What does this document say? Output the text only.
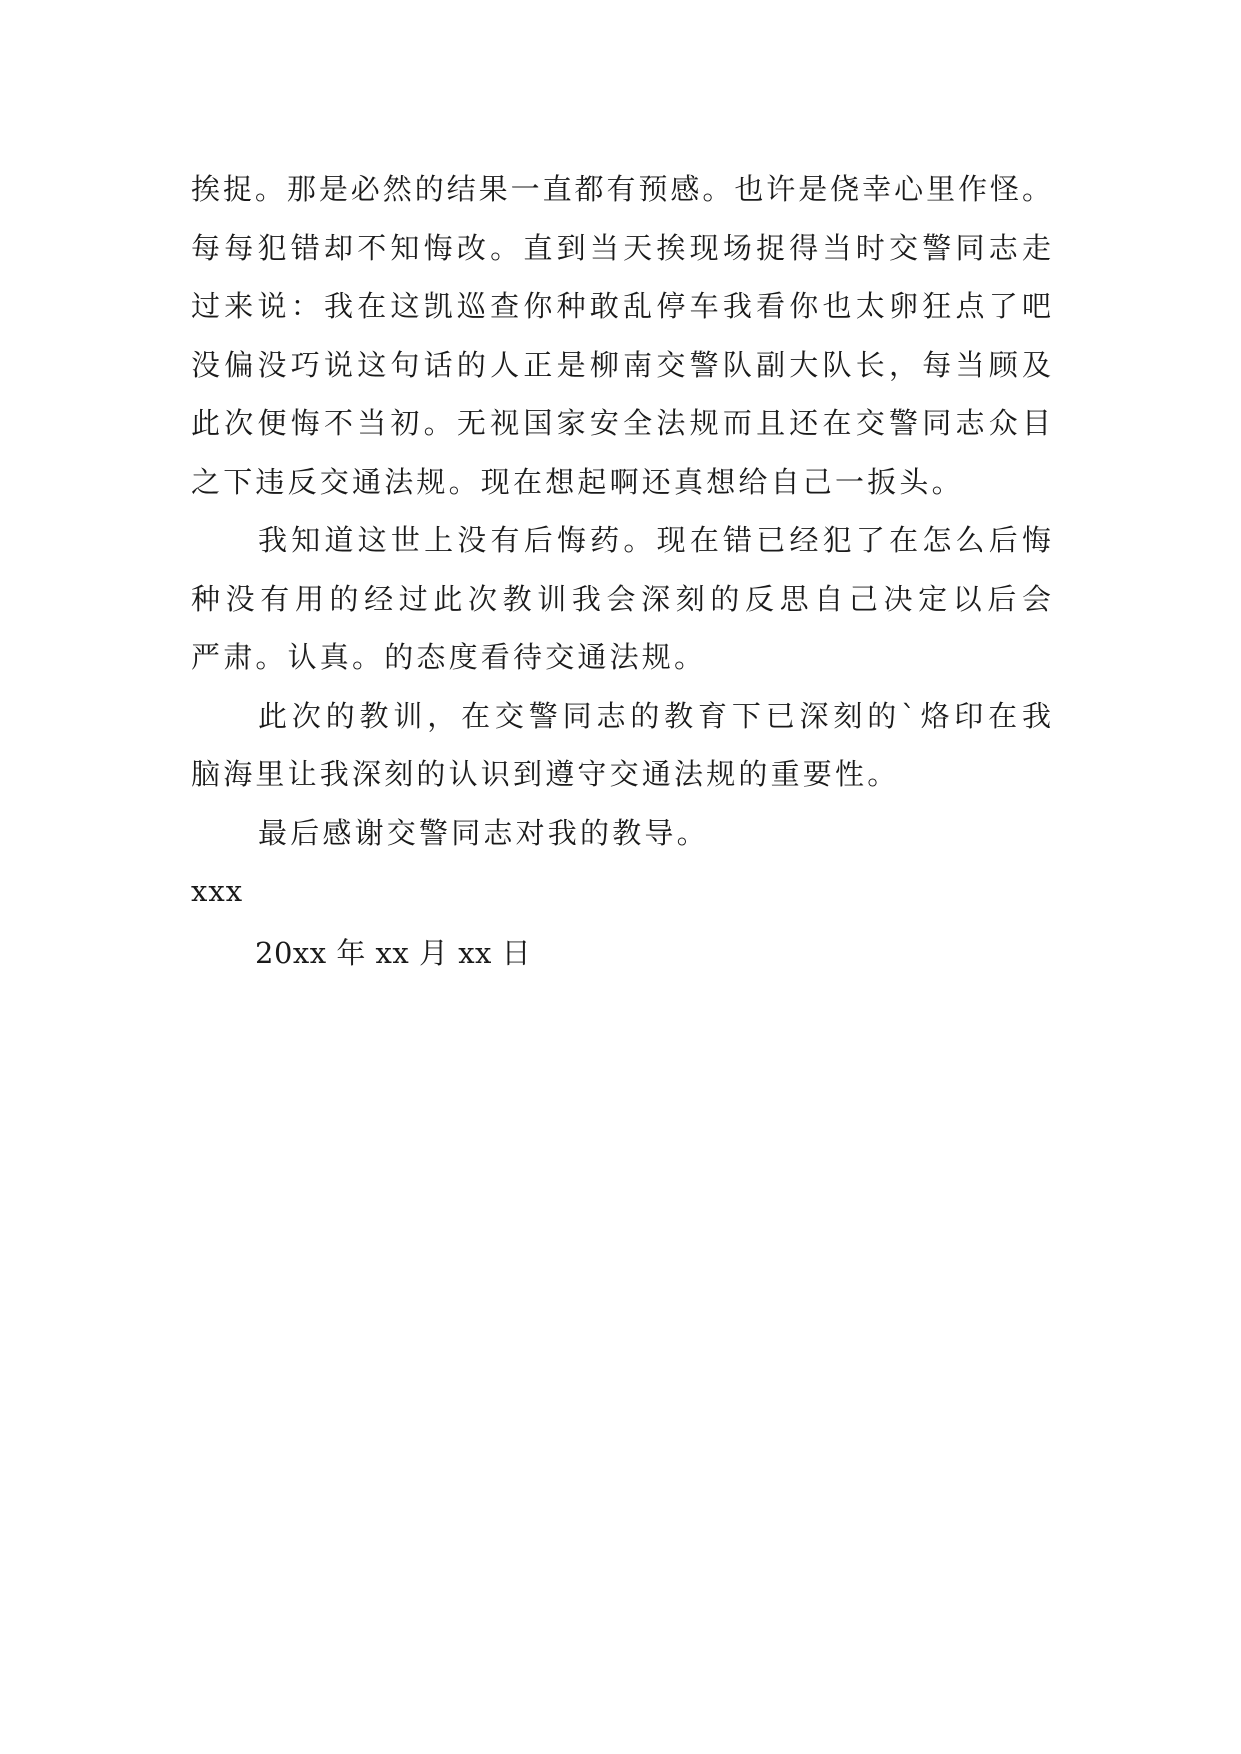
挨捉。那是必然的结果一直都有预感。也许是侥幸心里作怪。
每每犯错却不知悔改。直到当天挨现场捉得当时交警同志走
过来说：我在这凯巡查你种敢乱停车我看你也太卵狂点了吧
没偏没巧说这句话的人正是柳南交警队副大队长，每当顾及
此次便悔不当初。无视国家安全法规而且还在交警同志众目
之下违反交通法规。现在想起啊还真想给自己一扳头。
我知道这世上没有后悔药。现在错已经犯了在怎么后悔
种没有用的经过此次教训我会深刻的反思自己决定以后会
严肃。认真。的态度看待交通法规。
此次的教训，在交警同志的教育下已深刻的`烙印在我
脑海里让我深刻的认识到遵守交通法规的重要性。
最后感谢交警同志对我的教导。
xxx
20xx 年 xx 月 xx 日
